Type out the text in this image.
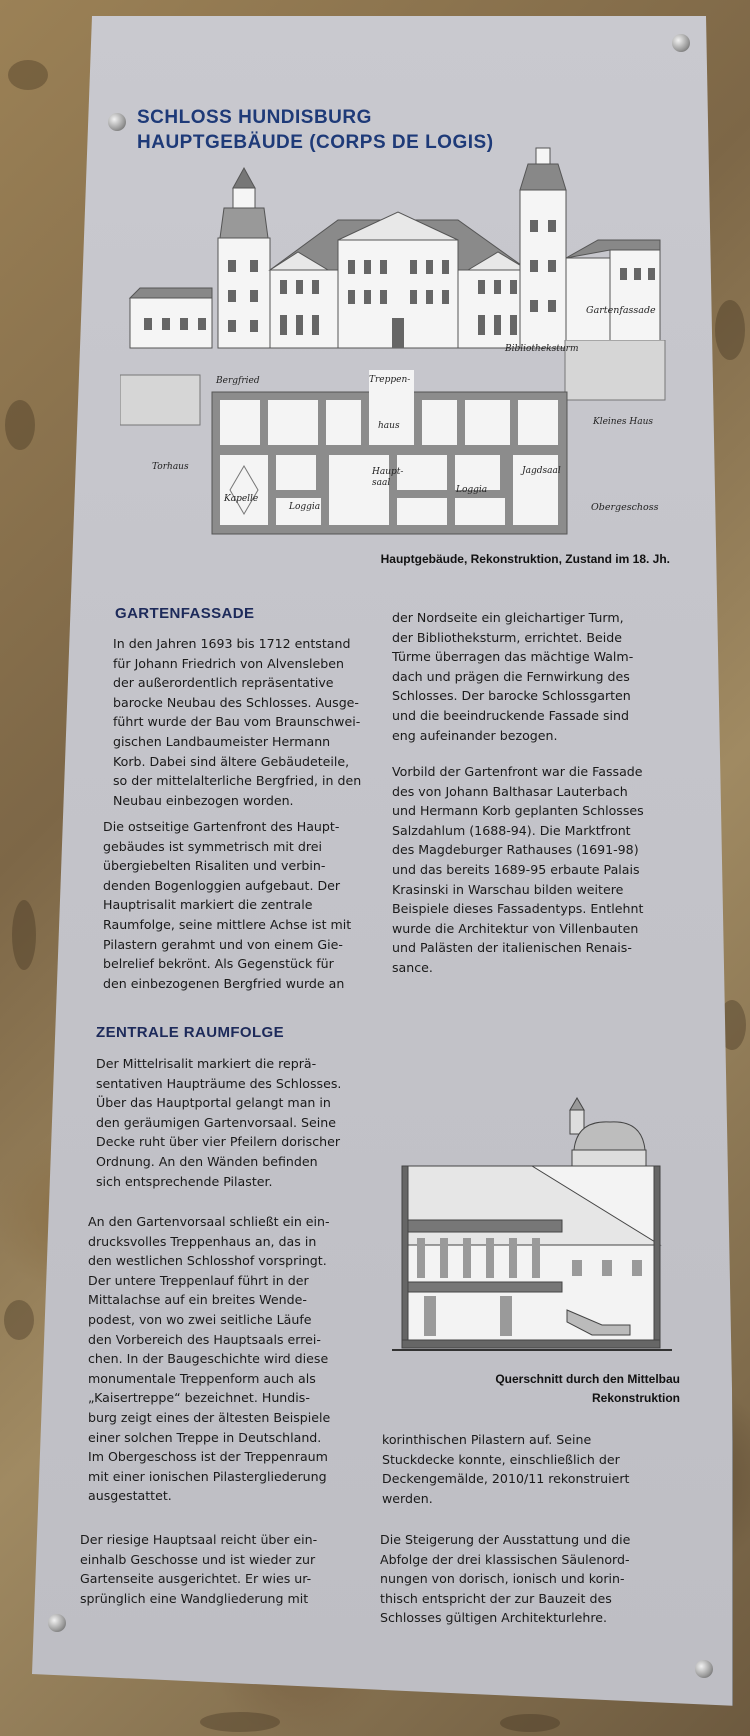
SCHLOSS HUNDISBURG
HAUPTGEBÄUDE (CORPS DE LOGIS)
Gartenfassade
Bergfried	Treppen-
haus
Bibliotheksturm
Kleines Haus
Torhaus	Haupt-
saal
Kapelle
Loggia
Loggia
Jagdsaal
Obergeschoss
Hauptgebäude, Rekonstruktion, Zustand im 18. Jh.
GARTENFASSADE
In den Jahren 1693 bis 1712 entstand
für Johann Friedrich von Alvensleben
der außerordentlich repräsentative
barocke Neubau des Schlosses. Ausge-
führt wurde der Bau vom Braunschwei-
gischen Landbaumeister Hermann
Korb. Dabei sind ältere Gebäudeteile,
so der mittelalterliche Bergfried, in den
Neubau einbezogen worden.
Die ostseitige Gartenfront des Haupt-
gebäudes ist symmetrisch mit drei
übergiebelten Risaliten und verbin-
denden Bogenloggien aufgebaut. Der
Hauptrisalit markiert die zentrale
Raumfolge, seine mittlere Achse ist mit
Pilastern gerahmt und von einem Gie-
belrelief bekrönt. Als Gegenstück für
den einbezogenen Bergfried wurde an
der Nordseite ein gleichartiger Turm,
der Bibliotheksturm, errichtet. Beide
Türme überragen das mächtige Walm-
dach und prägen die Fernwirkung des
Schlosses. Der barocke Schlossgarten
und die beeindruckende Fassade sind
eng aufeinander bezogen.
Vorbild der Gartenfront war die Fassade
des von Johann Balthasar Lauterbach
und Hermann Korb geplanten Schlosses
Salzdahlum (1688-94). Die Marktfront
des Magdeburger Rathauses (1691-98)
und das bereits 1689-95 erbaute Palais
Krasinski in Warschau bilden weitere
Beispiele dieses Fassadentyps. Entlehnt
wurde die Architektur von Villenbauten
und Palästen der italienischen Renais-
sance.
ZENTRALE RAUMFOLGE
Der Mittelrisalit markiert die reprä-
sentativen Haupträume des Schlosses.
Über das Hauptportal gelangt man in
den geräumigen Gartenvorsaal. Seine
Decke ruht über vier Pfeilern dorischer
Ordnung. An den Wänden befinden
sich entsprechende Pilaster.
An den Gartenvorsaal schließt ein ein-
drucksvolles Treppenhaus an, das in
den westlichen Schlosshof vorspringt.
Der untere Treppenlauf führt in der
Mittalachse auf ein breites Wende-
podest, von wo zwei seitliche Läufe
den Vorbereich des Hauptsaals errei-
chen. In der Baugeschichte wird diese
monumentale Treppenform auch als
„Kaisertreppe“ bezeichnet. Hundis-
burg zeigt eines der ältesten Beispiele
einer solchen Treppe in Deutschland.
Im Obergeschoss ist der Treppenraum
mit einer ionischen Pilastergliederung
ausgestattet.
Der riesige Hauptsaal reicht über ein-
einhalb Geschosse und ist wieder zur
Gartenseite ausgerichtet. Er wies ur-
sprünglich eine Wandgliederung mit
Querschnitt durch den Mittelbau
Rekonstruktion
korinthischen Pilastern auf. Seine
Stuckdecke konnte, einschließlich der
Deckengemälde, 2010/11 rekonstruiert
werden.
Die Steigerung der Ausstattung und die
Abfolge der drei klassischen Säulenord-
nungen von dorisch, ionisch und korin-
thisch entspricht der zur Bauzeit des
Schlosses gültigen Architekturlehre.
